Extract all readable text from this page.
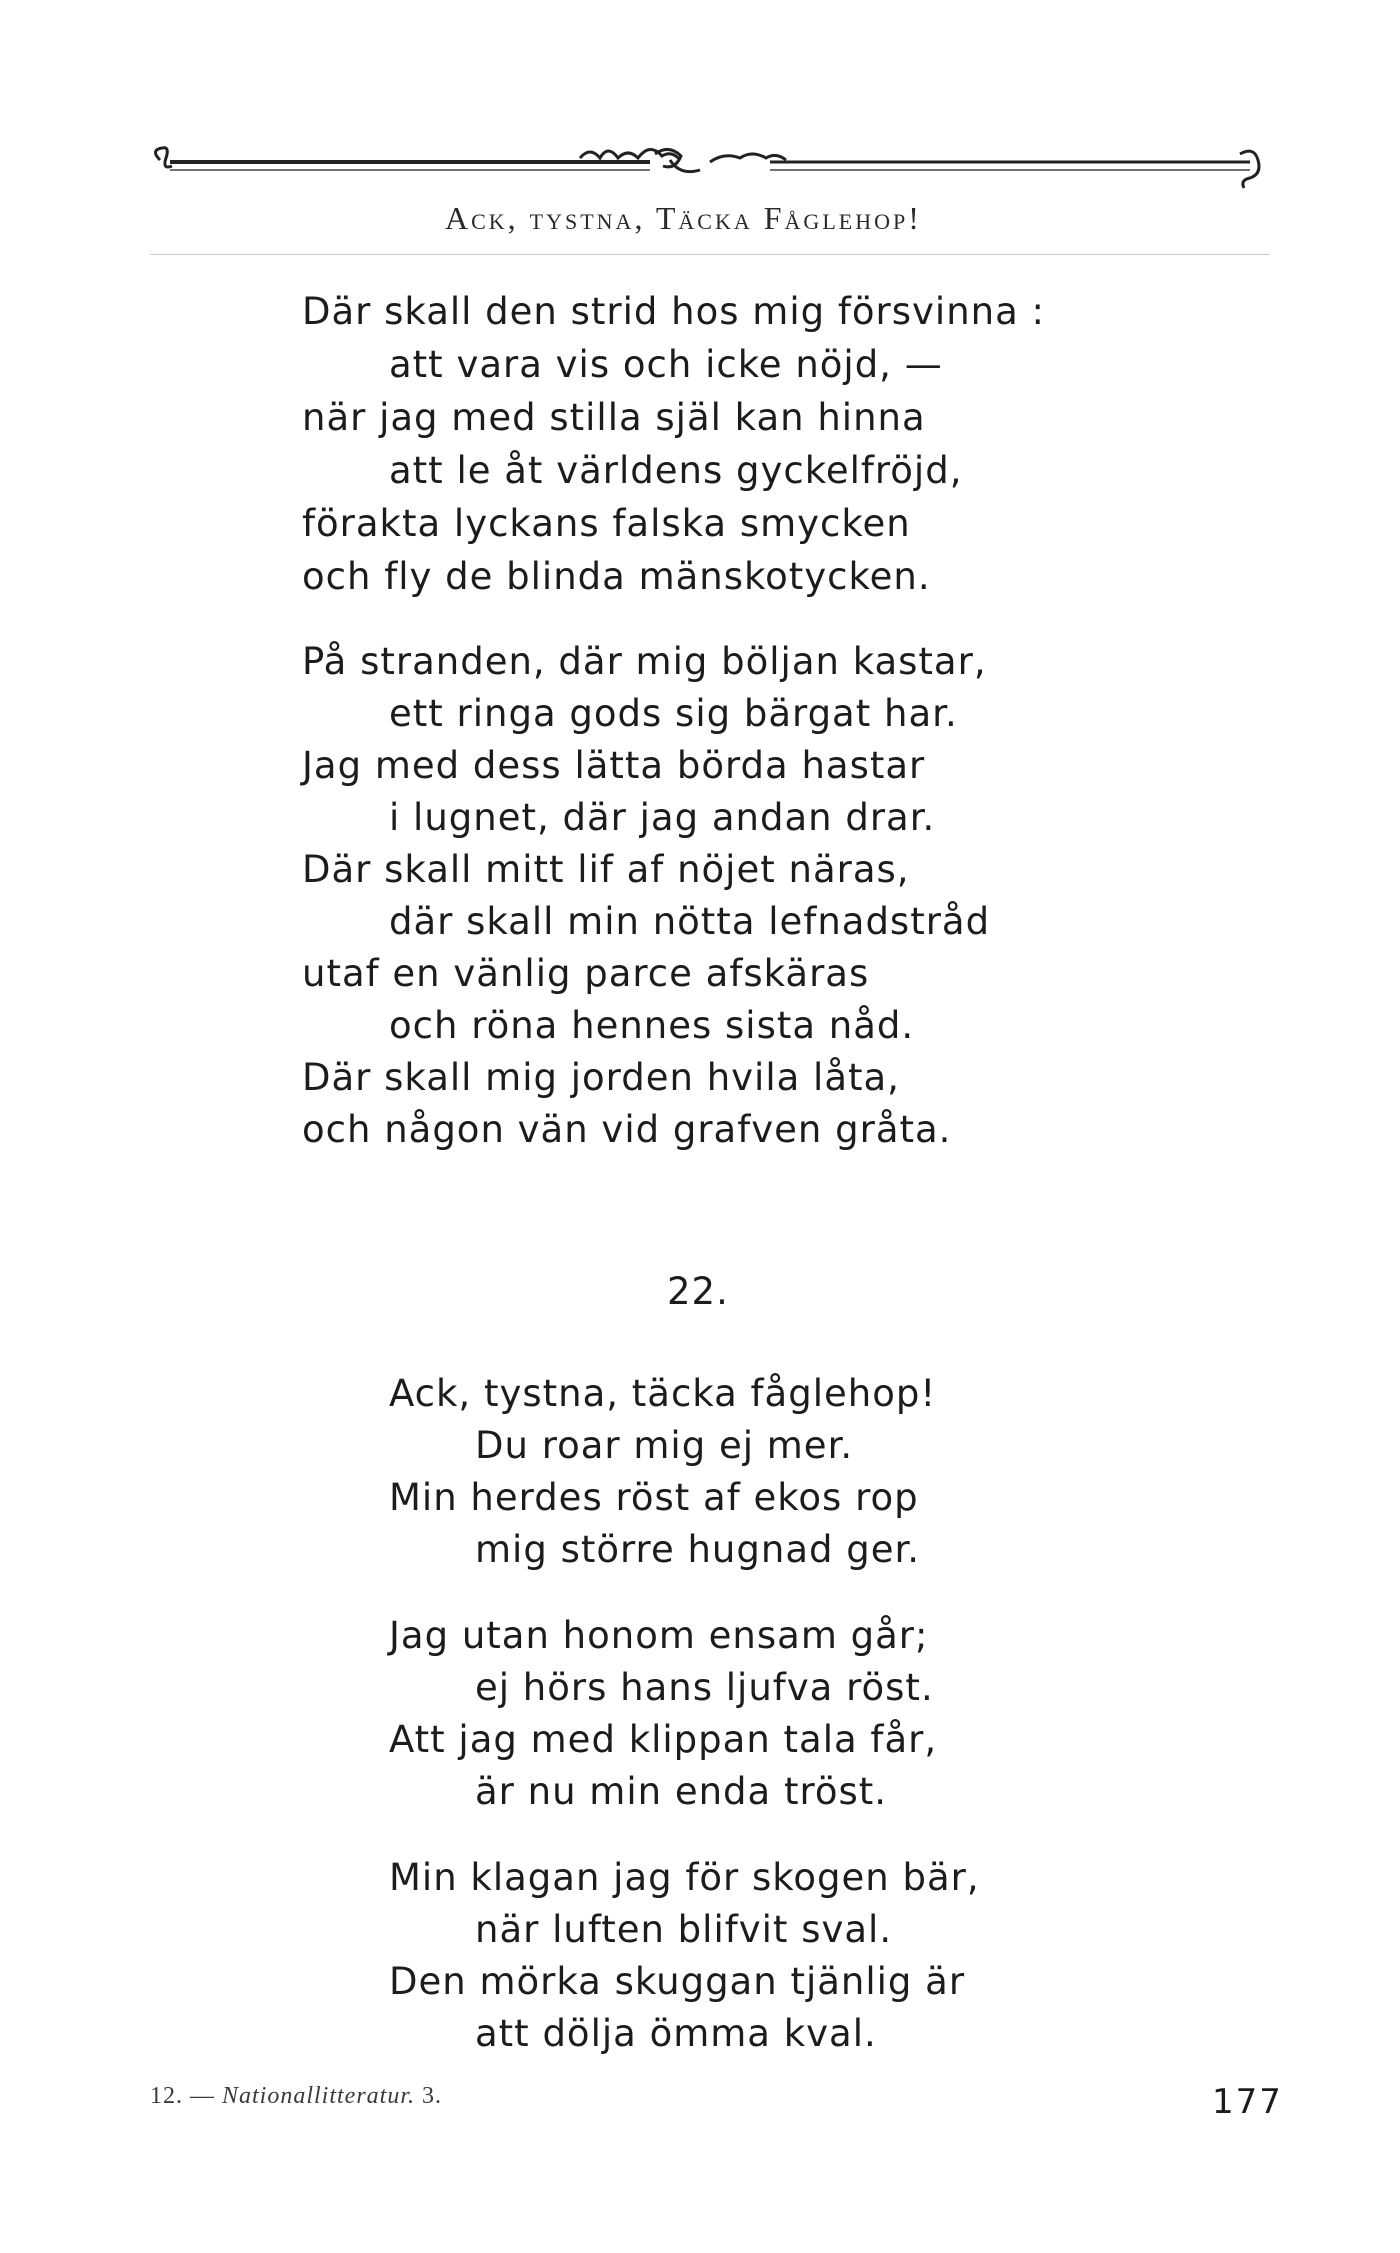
Ack, tystna, Täcka Fåglehop!
Där skall den strid hos mig försvinna :
att vara vis och icke nöjd, —
när jag med stilla själ kan hinna
att le åt världens gyckelfröjd,
förakta lyckans falska smycken
och fly de blinda mänskotycken.
På stranden, där mig böljan kastar,
ett ringa gods sig bärgat har.
Jag med dess lätta börda hastar
i lugnet, där jag andan drar.
Där skall mitt lif af nöjet näras,
där skall min nötta lefnadstråd
utaf en vänlig parce afskäras
och röna hennes sista nåd.
Där skall mig jorden hvila låta,
och någon vän vid grafven gråta.
22.
Ack, tystna, täcka fåglehop!
Du roar mig ej mer.
Min herdes röst af ekos rop
mig större hugnad ger.
Jag utan honom ensam går;
ej hörs hans ljufva röst.
Att jag med klippan tala får,
är nu min enda tröst.
Min klagan jag för skogen bär,
när luften blifvit sval.
Den mörka skuggan tjänlig är
att dölja ömma kval.
12. — Nationallitteratur. 3.	177
